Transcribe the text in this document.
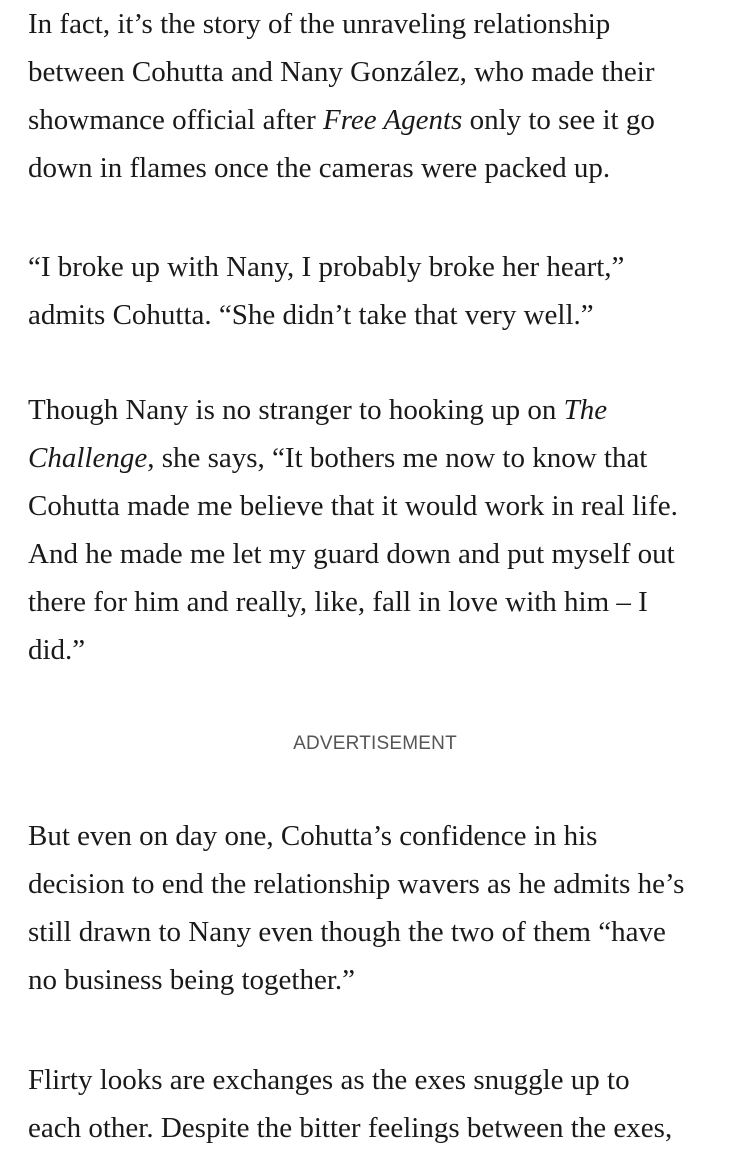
In fact, it’s the story of the unraveling relationship
between Cohutta and Nany González, who made their
showmance official after Free Agents only to see it go
down in flames once the cameras were packed up.
“I broke up with Nany, I probably broke her heart,”
admits Cohutta. “She didn’t take that very well.”
Though Nany is no stranger to hooking up on The
Challenge, she says, “It bothers me now to know that
Cohutta made me believe that it would work in real life.
And he made me let my guard down and put myself out
there for him and really, like, fall in love with him – I
did.”
ADVERTISEMENT
But even on day one, Cohutta’s confidence in his
decision to end the relationship wavers as he admits he’s
still drawn to Nany even though the two of them “have
no business being together.”
Flirty looks are exchanges as the exes snuggle up to
each other. Despite the bitter feelings between the exes,
